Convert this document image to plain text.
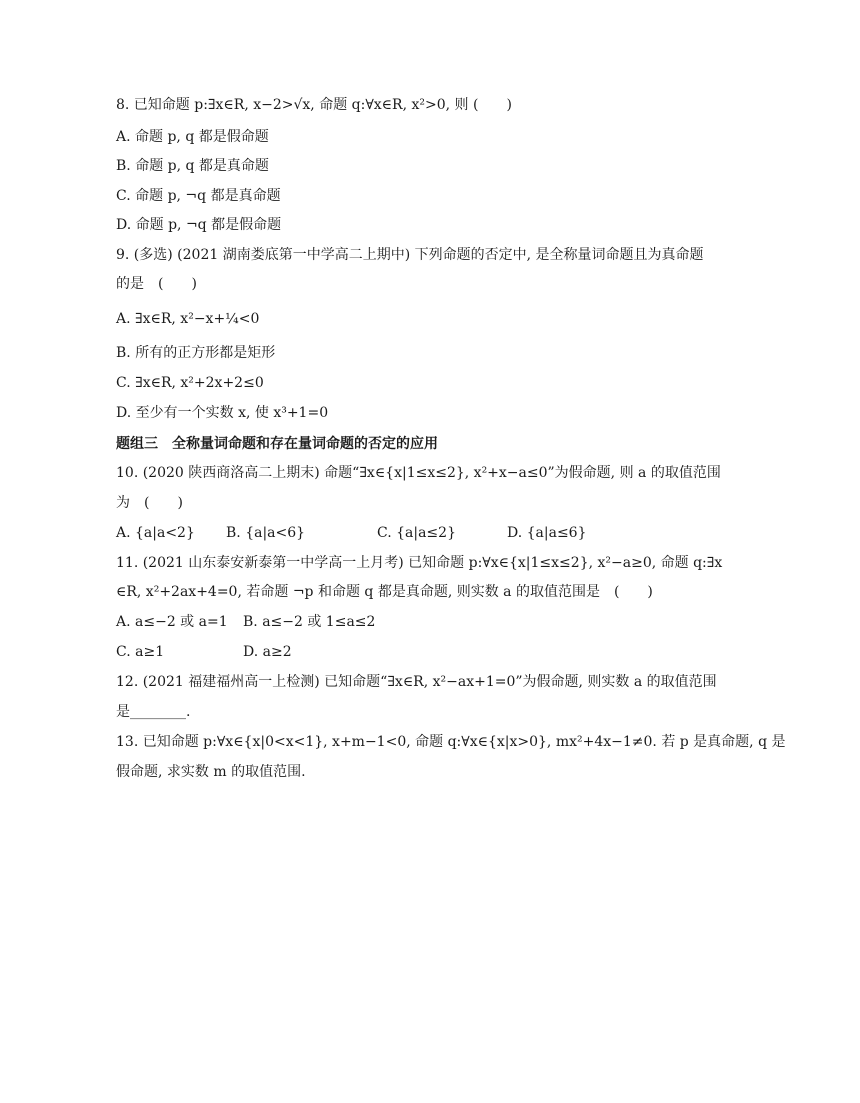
8. 已知命题 p:∃x∈R, x−2>√x, 命题 q:∀x∈R, x²>0, 则 (　　)
A. 命题 p, q 都是假命题
B. 命题 p, q 都是真命题
C. 命题 p, ¬q 都是真命题
D. 命题 p, ¬q 都是假命题
9. (多选) (2021 湖南娄底第一中学高二上期中) 下列命题的否定中, 是全称量词命题且为真命题
的是　(　　)
A. ∃x∈R, x²−x+¼<0
B. 所有的正方形都是矩形
C. ∃x∈R, x²+2x+2≤0
D. 至少有一个实数 x, 使 x³+1=0
题组三　全称量词命题和存在量词命题的否定的应用
10. (2020 陕西商洛高二上期末) 命题“∃x∈{x|1≤x≤2}, x²+x−a≤0”为假命题, 则 a 的取值范围
为　(　　)
A. {a|a<2} B. {a|a<6}	C. {a|a≤2}	D. {a|a≤6}
11. (2021 山东泰安新泰第一中学高一上月考) 已知命题 p:∀x∈{x|1≤x≤2}, x²−a≥0, 命题 q:∃x
∈R, x²+2ax+4=0, 若命题 ¬p 和命题 q 都是真命题, 则实数 a 的取值范围是　(　　)
A. a≤−2 或 a=1 B. a≤−2 或 1≤a≤2
C. a≥1	D. a≥2
12. (2021 福建福州高一上检测) 已知命题“∃x∈R, x²−ax+1=0”为假命题, 则实数 a 的取值范围
是________.
13. 已知命题 p:∀x∈{x|0<x<1}, x+m−1<0, 命题 q:∀x∈{x|x>0}, mx²+4x−1≠0. 若 p 是真命题, q 是
假命题, 求实数 m 的取值范围.
